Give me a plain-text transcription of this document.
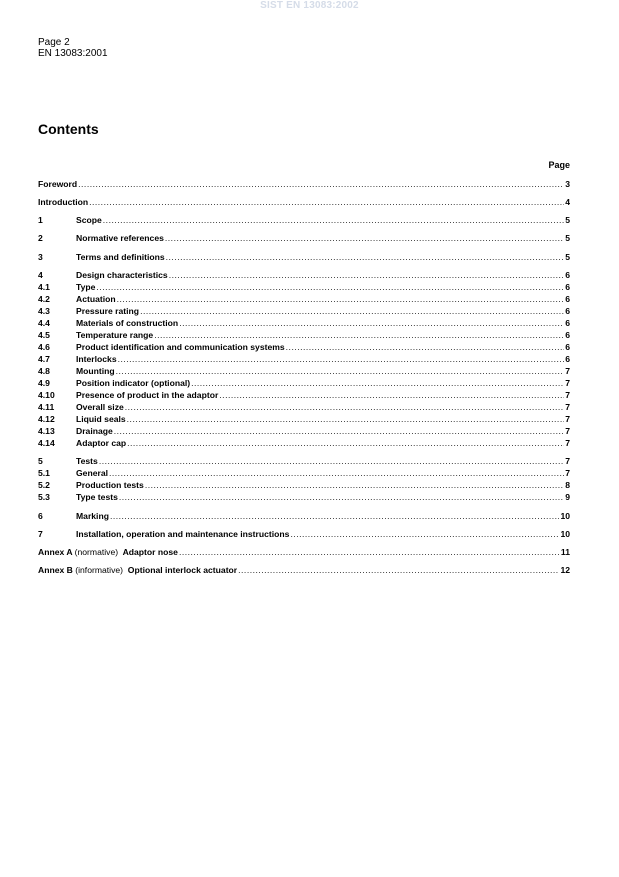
SIST EN 13083:2002
Page 2
EN 13083:2001
Contents
Page
Foreword .....	3
Introduction .....	4
1	Scope .....	5
2	Normative references .....	5
3	Terms and definitions .....	5
4	Design characteristics .....	6
4.1	Type .....	6
4.2	Actuation .....	6
4.3	Pressure rating .....	6
4.4	Materials of construction .....	6
4.5	Temperature range .....	6
4.6	Product identification and communication systems .....	6
4.7	Interlocks .....	6
4.8	Mounting .....	7
4.9	Position indicator (optional) .....	7
4.10	Presence of product in the adaptor .....	7
4.11	Overall size .....	7
4.12	Liquid seals .....	7
4.13	Drainage .....	7
4.14	Adaptor cap .....	7
5	Tests .....	7
5.1	General .....	7
5.2	Production tests .....	8
5.3	Type tests .....	9
6	Marking .....	10
7	Installation, operation and maintenance instructions .....	10
Annex A (normative) Adaptor nose .....	11
Annex B (informative) Optional interlock actuator .....	12
